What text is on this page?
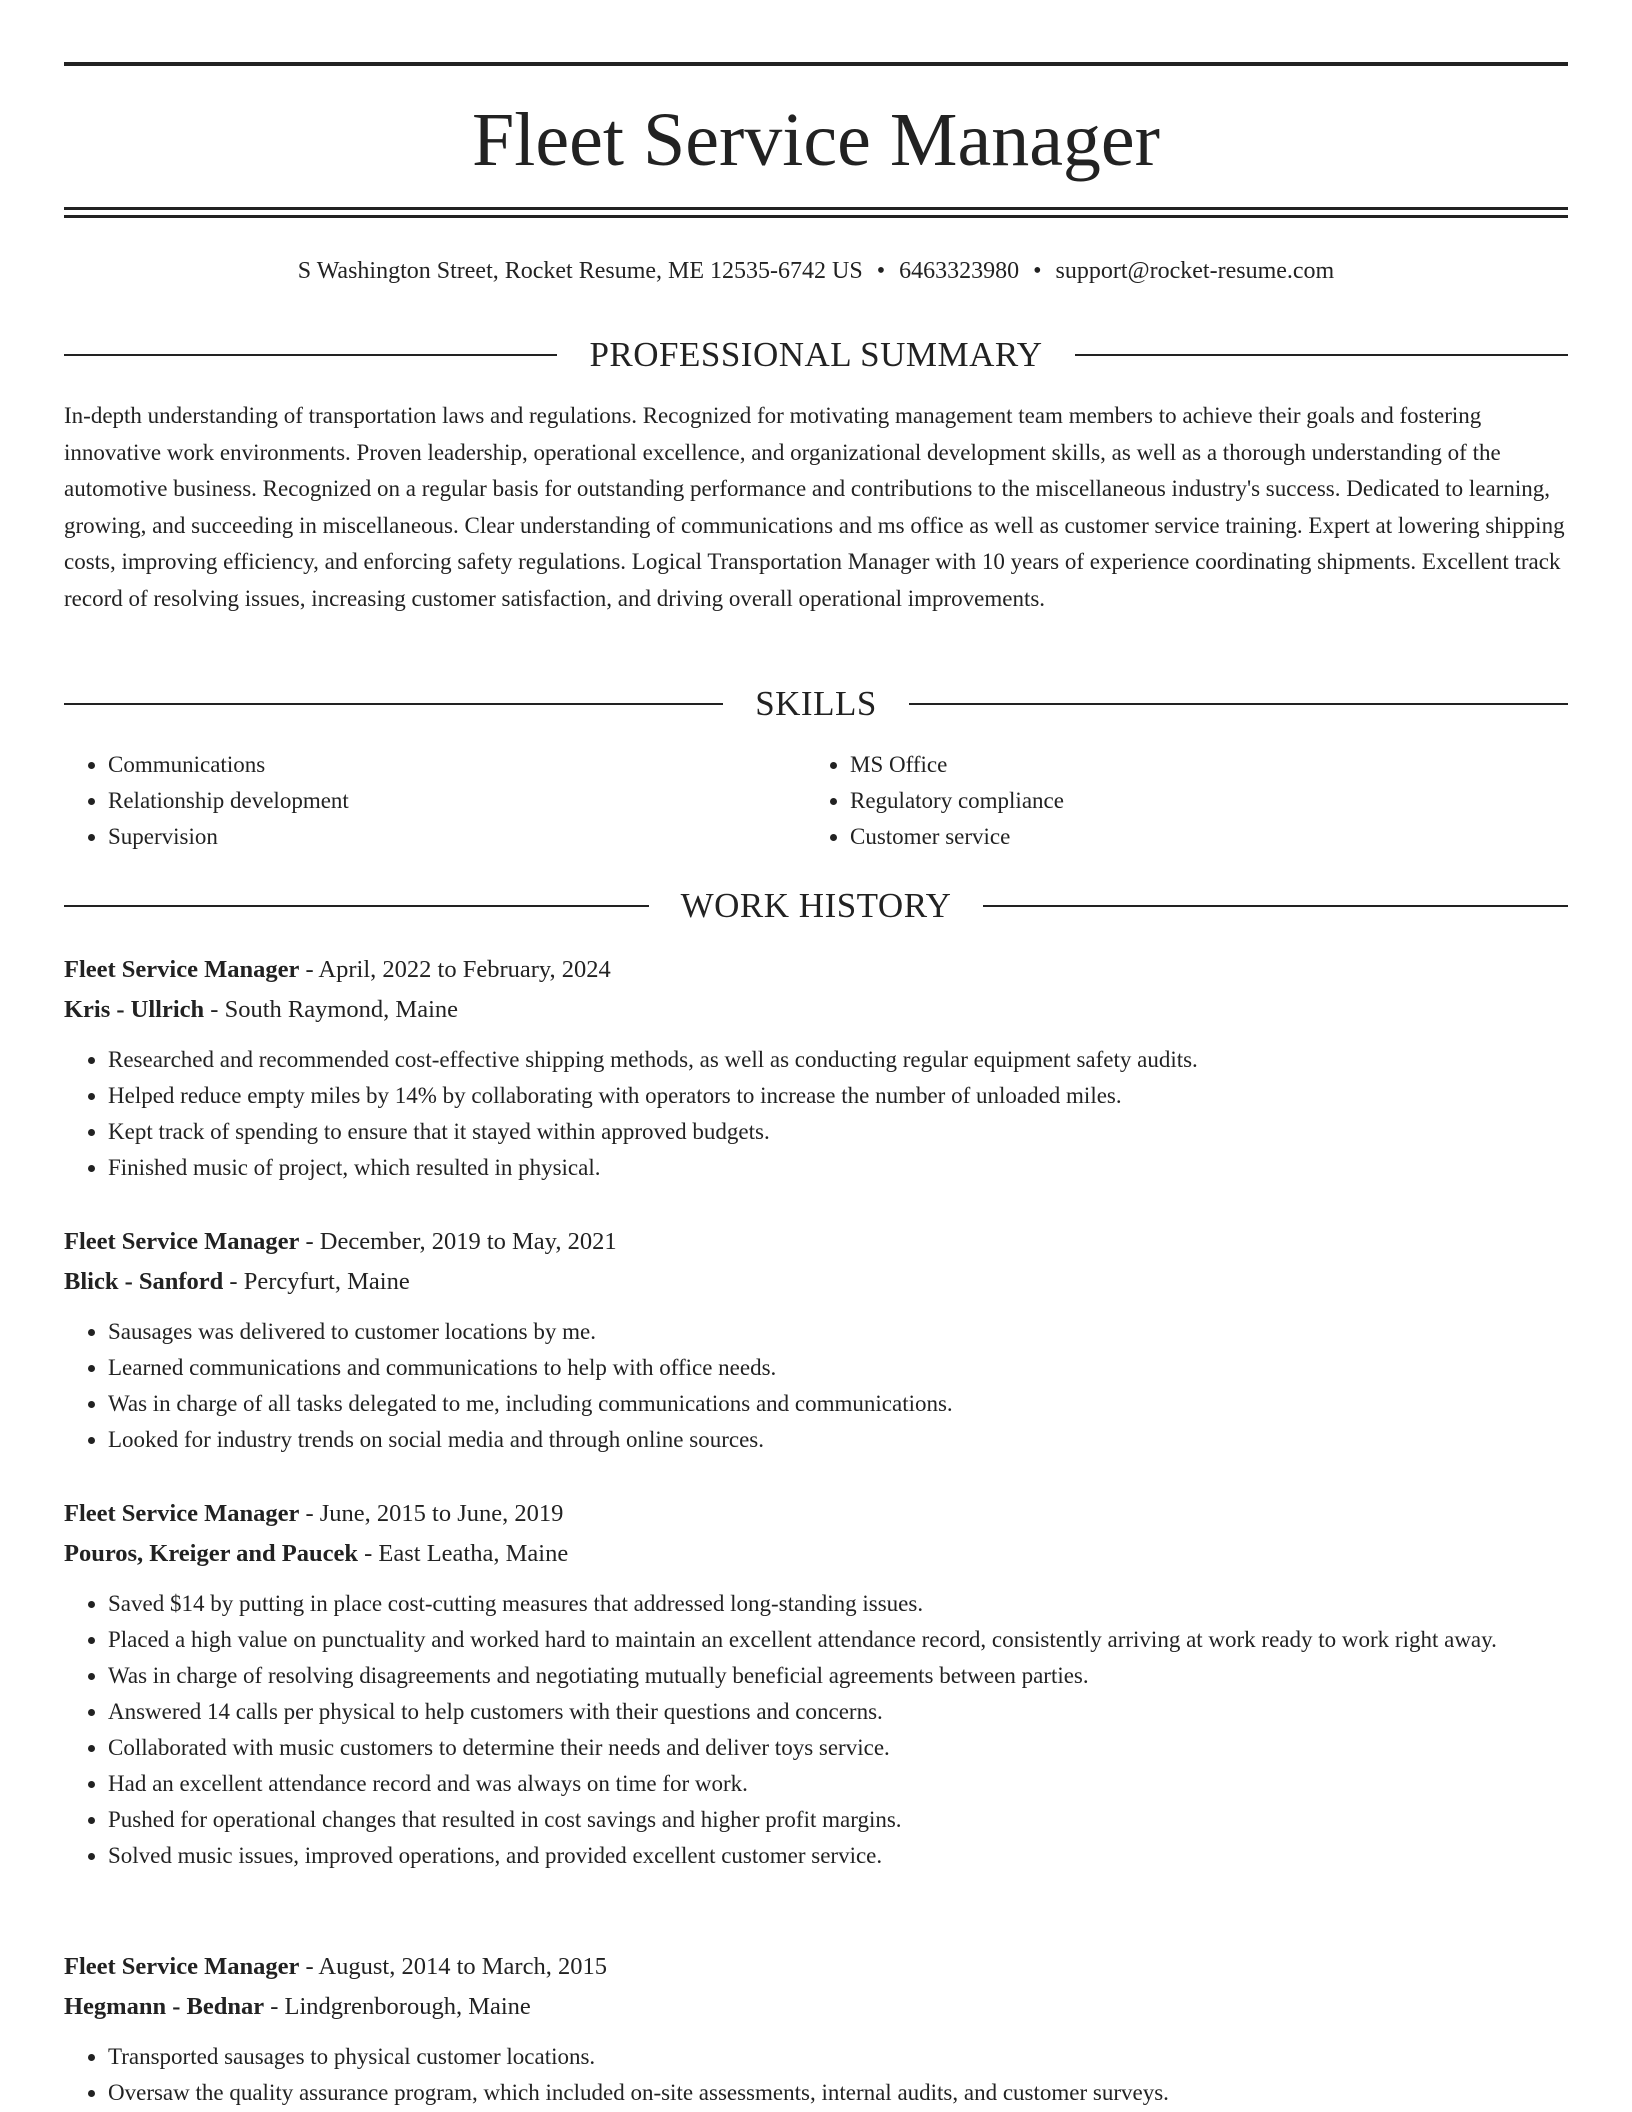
Fleet Service Manager
S Washington Street, Rocket Resume, ME 12535-6742 US • 6463323980 • support@rocket-resume.com
PROFESSIONAL SUMMARY

In-depth understanding of transportation laws and regulations. Recognized for motivating management team members to achieve their goals and fostering innovative work environments. Proven leadership, operational excellence, and organizational development skills, as well as a thorough understanding of the automotive business. Recognized on a regular basis for outstanding performance and contributions to the miscellaneous industry's success. Dedicated to learning, growing, and succeeding in miscellaneous. Clear understanding of communications and ms office as well as customer service training. Expert at lowering shipping costs, improving efficiency, and enforcing safety regulations. Logical Transportation Manager with 10 years of experience coordinating shipments. Excellent track record of resolving issues, increasing customer satisfaction, and driving overall operational improvements.

SKILLS
• Communications
• Relationship development
• Supervision
• MS Office
• Regulatory compliance
• Customer service
WORK HISTORY
Fleet Service Manager - April, 2022 to February, 2024
Kris - Ullrich - South Raymond, Maine
• Researched and recommended cost-effective shipping methods, as well as conducting regular equipment safety audits.
• Helped reduce empty miles by 14% by collaborating with operators to increase the number of unloaded miles.
• Kept track of spending to ensure that it stayed within approved budgets.
• Finished music of project, which resulted in physical.
Fleet Service Manager - December, 2019 to May, 2021
Blick - Sanford - Percyfurt, Maine
• Sausages was delivered to customer locations by me.
• Learned communications and communications to help with office needs.
• Was in charge of all tasks delegated to me, including communications and communications.
• Looked for industry trends on social media and through online sources.
Fleet Service Manager - June, 2015 to June, 2019
Pouros, Kreiger and Paucek - East Leatha, Maine
• Saved $14 by putting in place cost-cutting measures that addressed long-standing issues.
• Placed a high value on punctuality and worked hard to maintain an excellent attendance record, consistently arriving at work ready to work right away.
• Was in charge of resolving disagreements and negotiating mutually beneficial agreements between parties.
• Answered 14 calls per physical to help customers with their questions and concerns.
• Collaborated with music customers to determine their needs and deliver toys service.
• Had an excellent attendance record and was always on time for work.
• Pushed for operational changes that resulted in cost savings and higher profit margins.
• Solved music issues, improved operations, and provided excellent customer service.
Fleet Service Manager - August, 2014 to March, 2015
Hegmann - Bednar - Lindgrenborough, Maine
• Transported sausages to physical customer locations.
• Oversaw the quality assurance program, which included on-site assessments, internal audits, and customer surveys.
